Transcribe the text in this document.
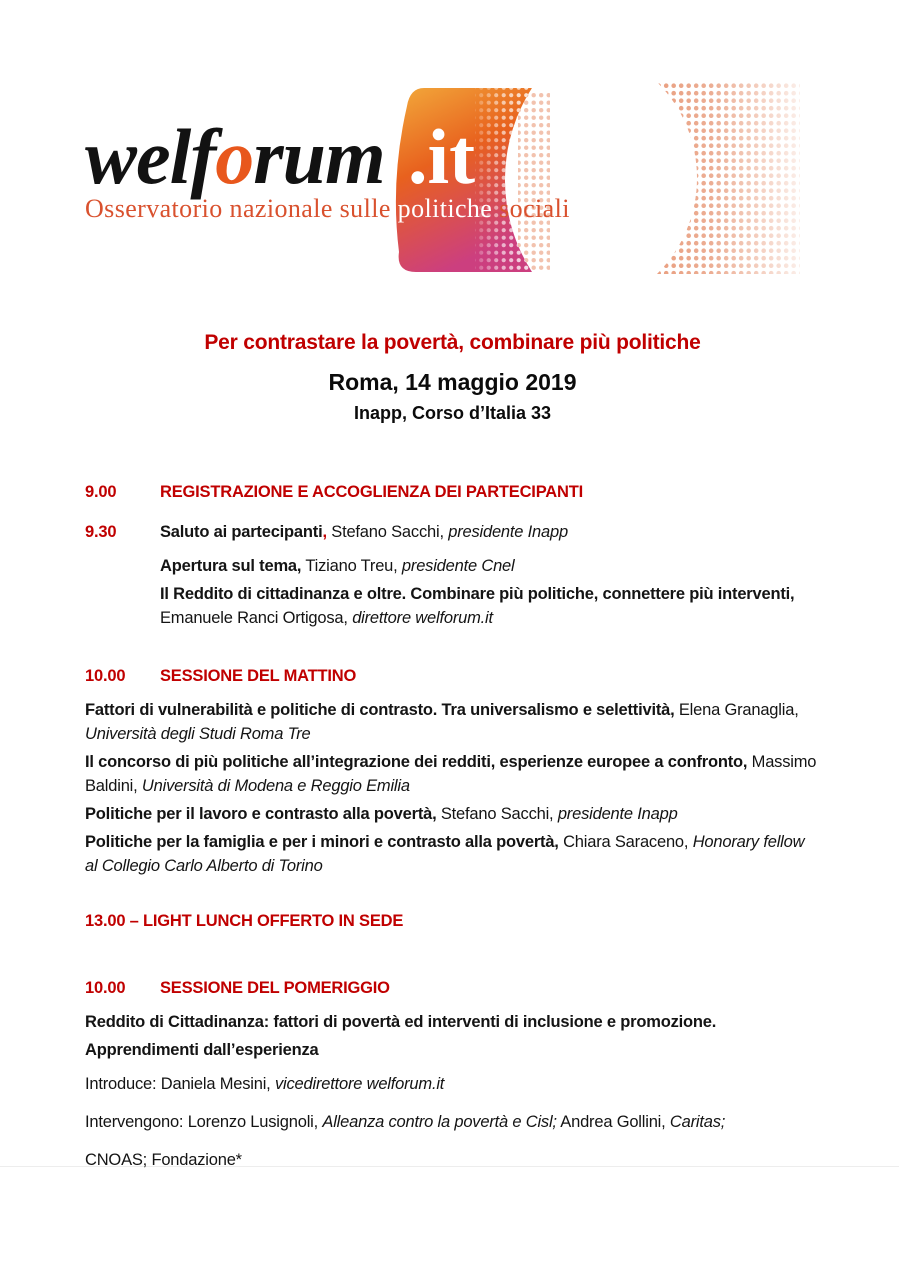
welforum .it
Osservatorio nazionale sulle politiche sociali
Per contrastare la povertà, combinare più politiche
Roma, 14 maggio 2019
Inapp, Corso d’Italia 33
9.00	REGISTRAZIONE E ACCOGLIENZA DEI PARTECIPANTI
9.30	Saluto ai partecipanti, Stefano Sacchi, presidente Inapp
Apertura sul tema, Tiziano Treu, presidente Cnel
Il Reddito di cittadinanza e oltre. Combinare più politiche, connettere più interventi, Emanuele Ranci Ortigosa, direttore welforum.it
10.00	SESSIONE DEL MATTINO
Fattori di vulnerabilità e politiche di contrasto. Tra universalismo e selettività, Elena Granaglia, Università degli Studi Roma Tre
Il concorso di più politiche all’integrazione dei redditi, esperienze europee a confronto, Massimo Baldini, Università di Modena e Reggio Emilia
Politiche per il lavoro e contrasto alla povertà, Stefano Sacchi, presidente Inapp
Politiche per la famiglia e per i minori e contrasto alla povertà, Chiara Saraceno, Honorary fellow al Collegio Carlo Alberto di Torino
13.00 – LIGHT LUNCH OFFERTO IN SEDE
10.00	SESSIONE DEL POMERIGGIO
Reddito di Cittadinanza: fattori di povertà ed interventi di inclusione e promozione. Apprendimenti dall’esperienza
Introduce: Daniela Mesini, vicedirettore welforum.it
Intervengono: Lorenzo Lusignoli, Alleanza contro la povertà e Cisl; Andrea Gollini, Caritas;
CNOAS; Fondazione*
